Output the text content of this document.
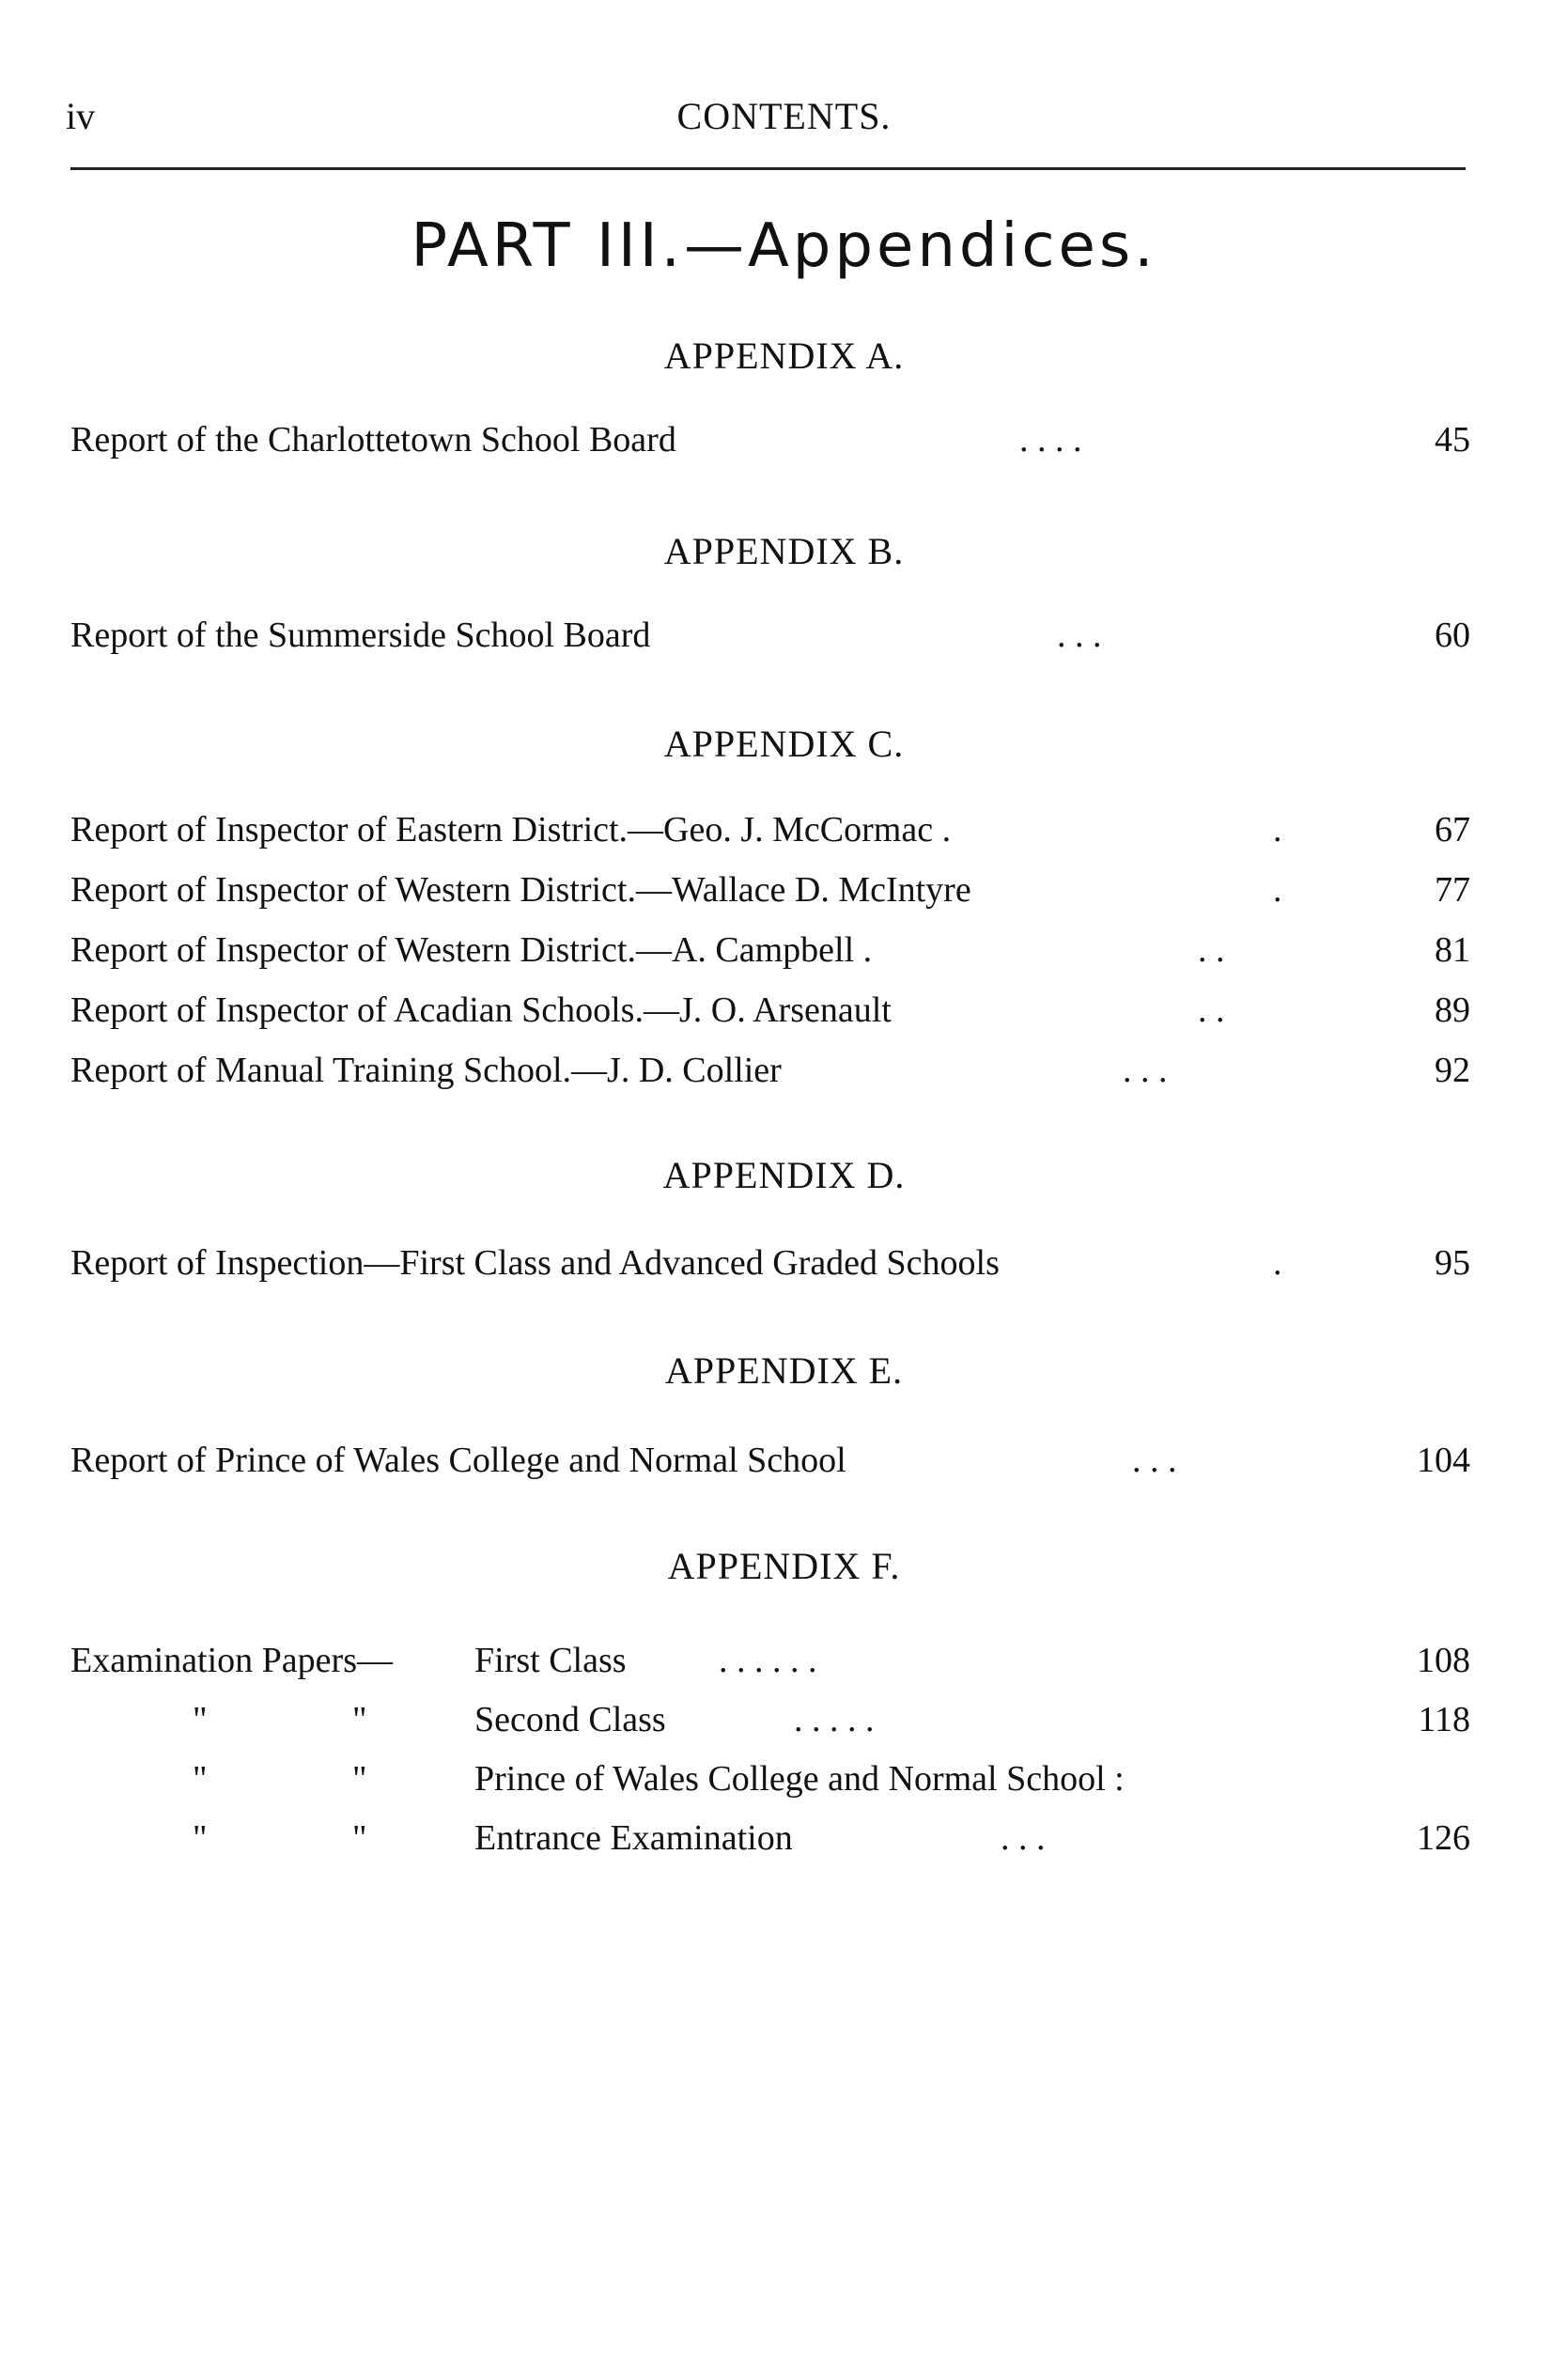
iv	CONTENTS.
PART III.—Appendices.
APPENDIX A.
Report of the Charlottetown School Board	. . . .	45
APPENDIX B.
Report of the Summerside School Board	. . .	60
APPENDIX C.
Report of Inspector of Eastern District.—Geo. J. McCormac .	.	67
Report of Inspector of Western District.—Wallace D. McIntyre	.	77
Report of Inspector of Western District.—A. Campbell .	. .	81
Report of Inspector of Acadian Schools.—J. O. Arsenault	. .	89
Report of Manual Training School.—J. D. Collier	. . .	92
APPENDIX D.
Report of Inspection—First Class and Advanced Graded Schools	.	95
APPENDIX E.
Report of Prince of Wales College and Normal School	. . .	104
APPENDIX F.
Examination Papers— First Class	. . . . . .	108
"	"	Second Class	. . . . .	118
"	"	Prince of Wales College and Normal School :
"	"	Entrance Examination	. . .	126
